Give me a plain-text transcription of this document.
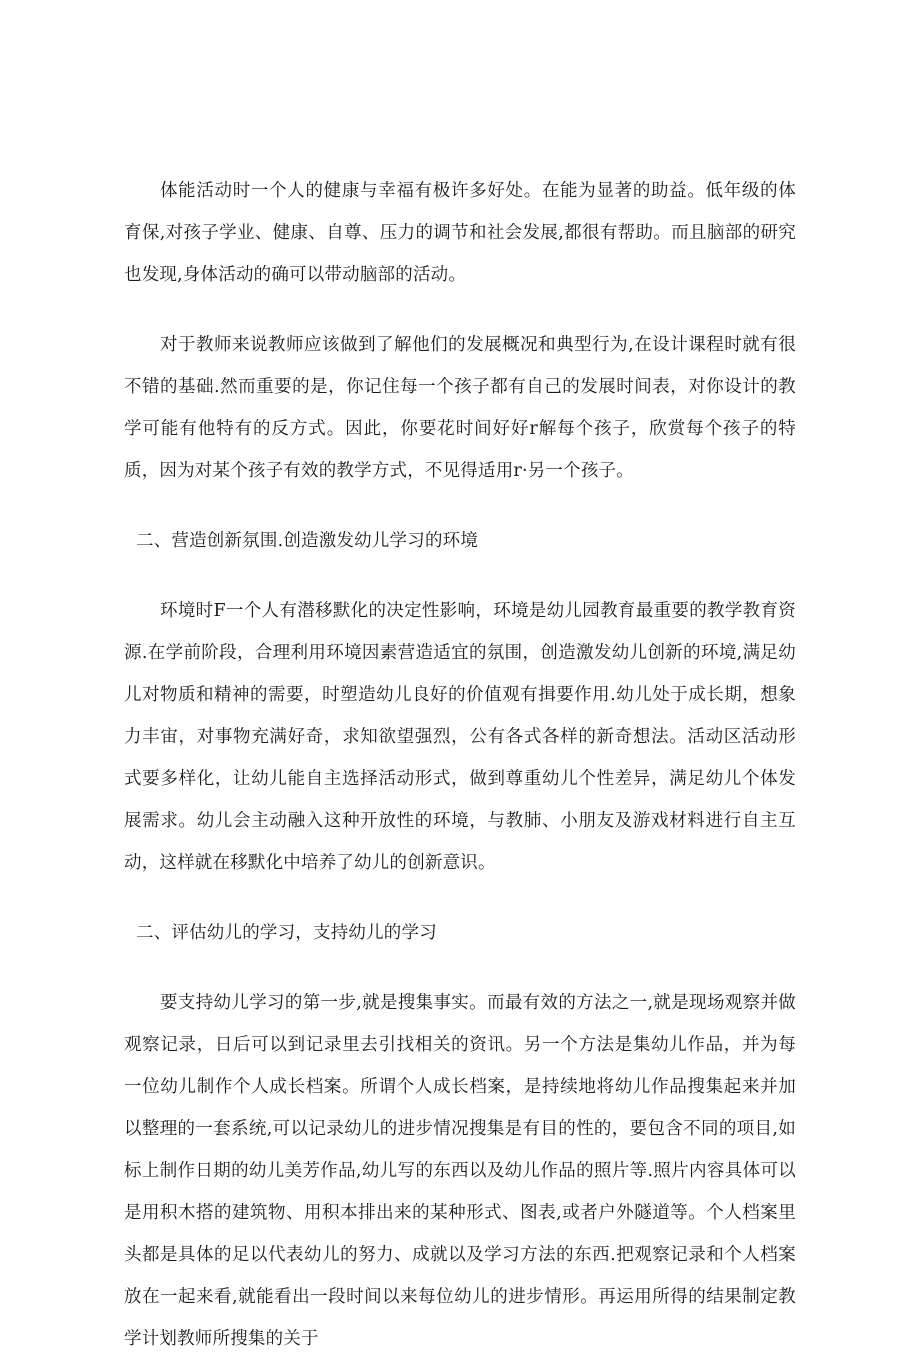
体能活动时一个人的健康与幸福有极许多好处。在能为显著的助益。低年级的体育保,对孩子学业、健康、自尊、压力的调节和社会发展,都很有帮助。而且脑部的研究也发现,身体活动的确可以带动脑部的活动。

对于教师来说教师应该做到了解他们的发展概况和典型行为,在设计课程时就有很不错的基础.然而重要的是，你记住每一个孩子都有自己的发展时间表，对你设计的教学可能有他特有的反方式。因此，你要花时间好好r解每个孩子，欣赏每个孩子的特质，因为对某个孩子有效的教学方式，不见得适用r·另一个孩子。

二、营造创新氛围.创造激发幼儿学习的环境

环境时F一个人有潜移默化的决定性影响，环境是幼儿园教育最重要的教学教育资源.在学前阶段，合理利用环境因素营造适宜的氛围，创造激发幼儿创新的环境,满足幼儿对物质和精神的需要，时塑造幼儿良好的价值观有揖要作用.幼儿处于成长期，想象力丰宙，对事物充满好奇，求知欲望强烈，公有各式各样的新奇想法。活动区活动形式要多样化，让幼儿能自主选择活动形式，做到尊重幼儿个性差异，满足幼儿个体发展需求。幼儿会主动融入这种开放性的环境，与教肺、小朋友及游戏材料进行自主互动，这样就在移默化中培养了幼儿的创新意识。

二、评估幼儿的学习，支持幼儿的学习

要支持幼儿学习的第一步,就是搜集事实。而最有效的方法之一,就是现场观察并做观察记录，日后可以到记录里去引找相关的资讯。另一个方法是集幼儿作品，并为每一位幼儿制作个人成长档案。所谓个人成长档案，是持续地将幼儿作品搜集起来并加以整理的一套系统,可以记录幼儿的进步情况搜集是有目的性的，要包含不同的项目,如标上制作日期的幼儿美芳作品,幼儿写的东西以及幼儿作品的照片等.照片内容具体可以是用积木搭的建筑物、用积本排出来的某种形式、图表,或者户外隧道等。个人档案里头都是具体的足以代表幼儿的努力、成就以及学习方法的东西.把观察记录和个人档案放在一起来看,就能看出一段时间以来每位幼儿的进步情形。再运用所得的结果制定教学计划教师所搜集的关于
